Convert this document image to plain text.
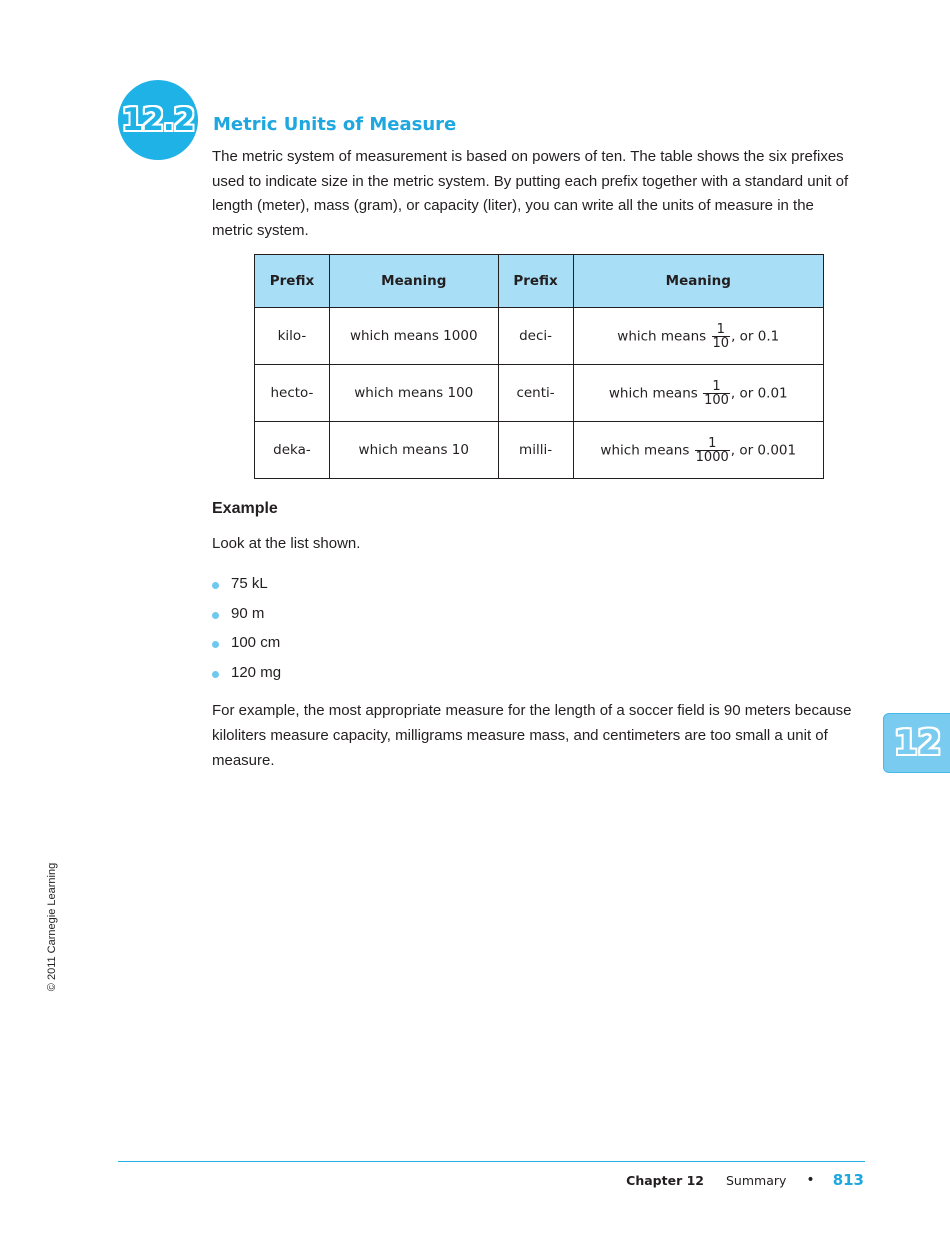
12.2 Metric Units of Measure

The metric system of measurement is based on powers of ten. The table shows the six prefixes used to indicate size in the metric system. By putting each prefix together with a standard unit of length (meter), mass (gram), or capacity (liter), you can write all the units of measure in the metric system.

Prefix	Meaning	Prefix	Meaning
kilo-	which means 1000	deci-	which means $\frac{1}{10}$ , or 0.1
hecto-	which means 100	centi-	which means $\frac{1}{100}$ , or 0.01
deka-	which means 10	milli-	which means $\frac{1}{1000}$ , or 0.001
Example

Look at the list shown.

75 kL
90 m
100 cm
120 mg

For example, the most appropriate measure for the length of a soccer field is 90 meters because kiloliters measure capacity, milligrams measure mass, and centimeters are too small a unit of measure.	12

© 2011 Carnegie Learning

Chapter 12 Summary • 813
